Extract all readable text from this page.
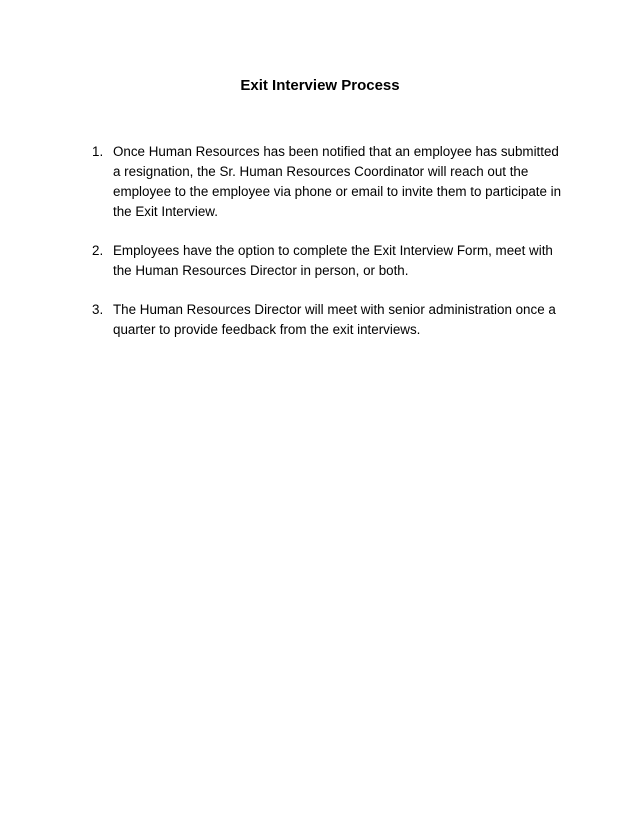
Exit Interview Process
1. Once Human Resources has been notified that an employee has submitted a resignation, the Sr. Human Resources Coordinator will reach out the employee to the employee via phone or email to invite them to participate in the Exit Interview.
2. Employees have the option to complete the Exit Interview Form, meet with the Human Resources Director in person, or both.
3. The Human Resources Director will meet with senior administration once a quarter to provide feedback from the exit interviews.
